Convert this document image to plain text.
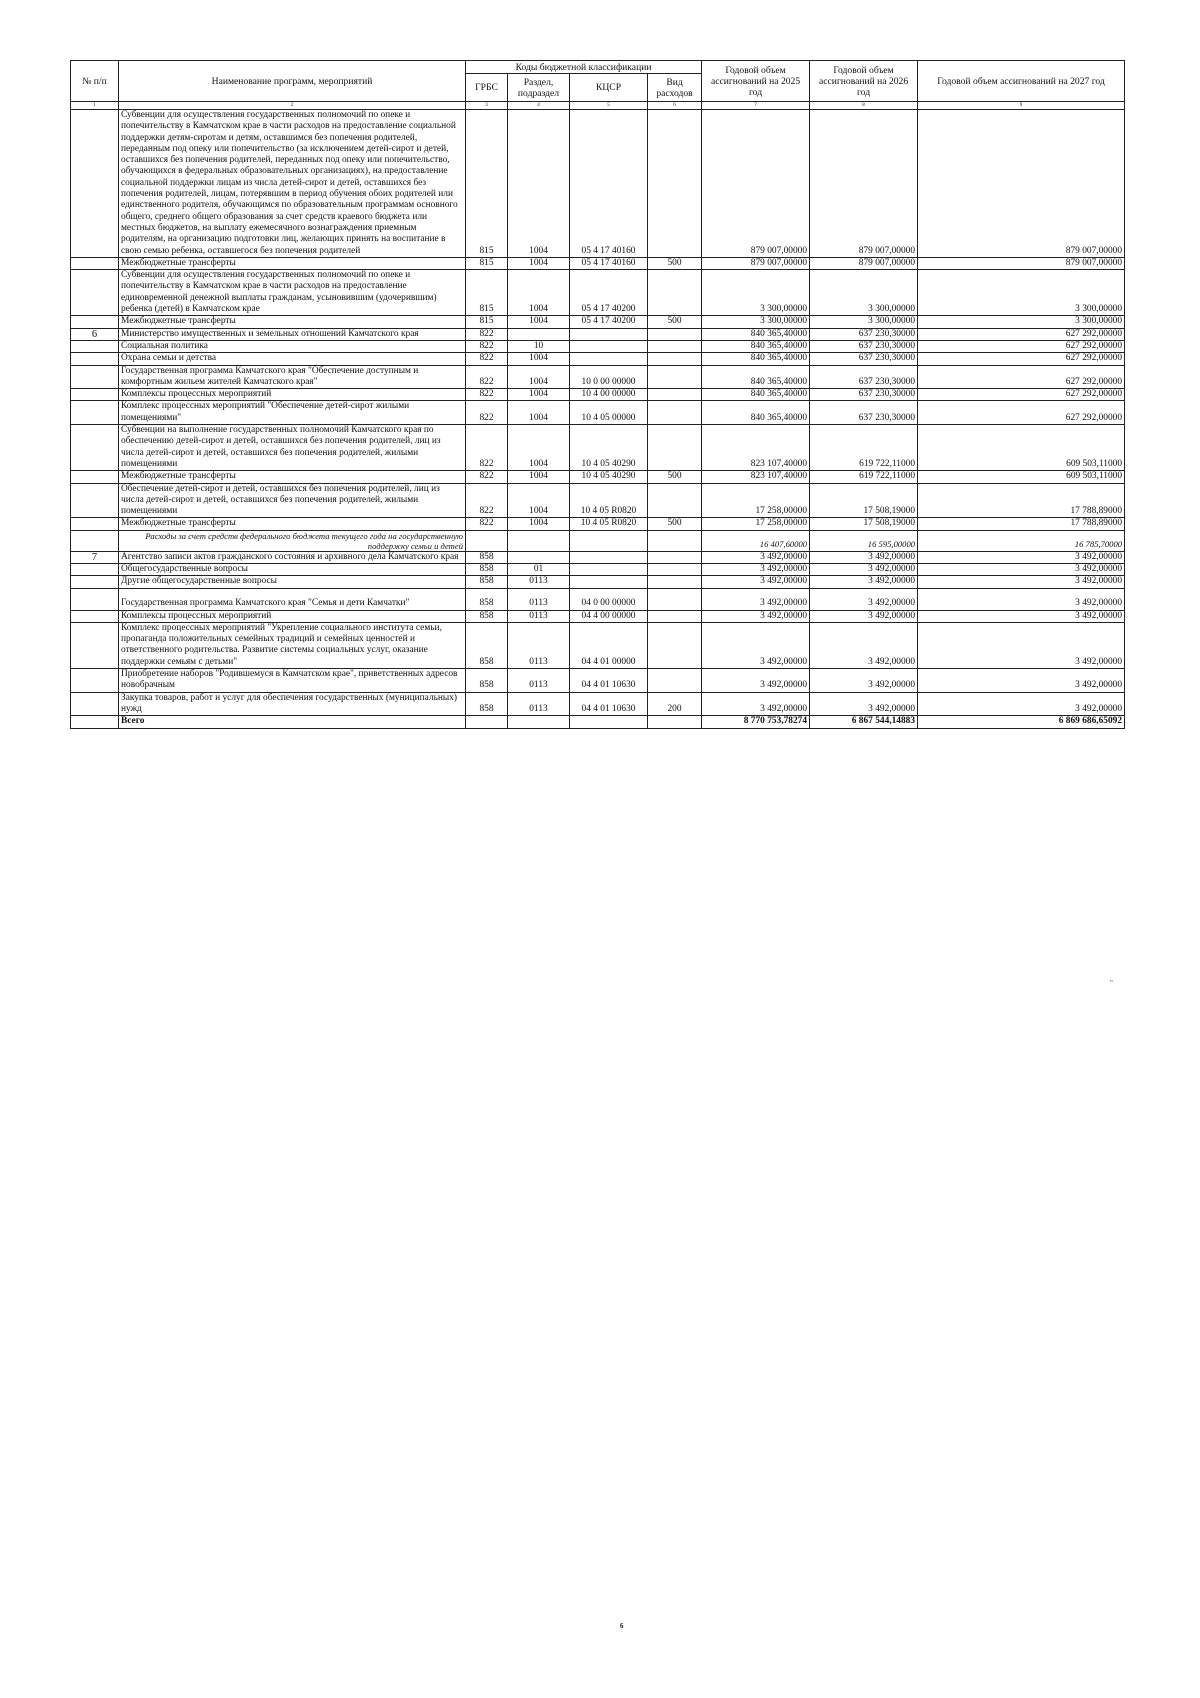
№ п/п	Наименование программ, мероприятий	Коды бюджетной классификации				Годовой объем ассигнований на 2025 год	Годовой объем ассигнований на 2026 год	Годовой объем ассигнований на 2027 год
		ГРБС	Раздел, подраздел	КЦСР	Вид расходов			
1	2	3	4	5	6	7	8	9
	Субвенции для осуществления государственных полномочий по опеке и попечительству в Камчатском крае в части расходов на предоставление социальной поддержки детям-сиротам и детям, оставшимся без попечения родителей, переданным под опеку или попечительство (за исключением детей-сирот и детей, оставшихся без попечения родителей, переданных под опеку или попечительство, обучающихся в федеральных образовательных организациях), на предоставление социальной поддержки лицам из числа детей-сирот и детей, оставшихся без попечения родителей, лицам, потерявшим в период обучения обоих родителей или единственного родителя, обучающимся по образовательным программам основного общего, среднего общего образования за счет средств краевого бюджета или местных бюджетов, на выплату ежемесячного вознаграждения приемным родителям, на организацию подготовки лиц, желающих принять на воспитание в свою семью ребенка, оставшегося без попечения родителей	815	1004	05 4 17 40160		879 007,00000	879 007,00000	879 007,00000
	Межбюджетные трансферты	815	1004	05 4 17 40160	500	879 007,00000	879 007,00000	879 007,00000
	Субвенции для осуществления государственных полномочий по опеке и попечительству в Камчатском крае в части расходов на предоставление единовременной денежной выплаты гражданам, усыновившим (удочерившим) ребенка (детей) в Камчатском крае	815	1004	05 4 17 40200		3 300,00000	3 300,00000	3 300,00000
	Межбюджетные трансферты	815	1004	05 4 17 40200	500	3 300,00000	3 300,00000	3 300,00000
6	Министерство имущественных и земельных отношений Камчатского края	822				840 365,40000	637 230,30000	627 292,00000
	Социальная политика	822	10			840 365,40000	637 230,30000	627 292,00000
	Охрана семьи и детства	822	1004			840 365,40000	637 230,30000	627 292,00000
	Государственная программа Камчатского края "Обеспечение доступным и комфортным жильем жителей Камчатского края"	822	1004	10 0 00 00000		840 365,40000	637 230,30000	627 292,00000
	Комплексы процессных мероприятий	822	1004	10 4 00 00000		840 365,40000	637 230,30000	627 292,00000
	Комплекс процессных мероприятий "Обеспечение детей-сирот жилыми помещениями"	822	1004	10 4 05 00000		840 365,40000	637 230,30000	627 292,00000
	Субвенции на выполнение государственных полномочий Камчатского края по обеспечению детей-сирот и детей, оставшихся без попечения родителей, лиц из числа детей-сирот и детей, оставшихся без попечения родителей, жилыми помещениями	822	1004	10 4 05 40290		823 107,40000	619 722,11000	609 503,11000
	Межбюджетные трансферты	822	1004	10 4 05 40290	500	823 107,40000	619 722,11000	609 503,11000
	Обеспечение детей-сирот и детей, оставшихся без попечения родителей, лиц из числа детей-сирот и детей, оставшихся без попечения родителей, жилыми помещениями	822	1004	10 4 05 R0820		17 258,00000	17 508,19000	17 788,89000
	Межбюджетные трансферты	822	1004	10 4 05 R0820	500	17 258,00000	17 508,19000	17 788,89000
	Расходы за счет средств федерального бюджета текущего года на государственную поддержку семьи и детей					16 407,60000	16 595,00000	16 785,70000
7	Агентство записи актов гражданского состояния и архивного дела Камчатского края	858				3 492,00000	3 492,00000	3 492,00000
	Общегосударственные вопросы	858	01			3 492,00000	3 492,00000	3 492,00000
	Другие общегосударственные вопросы	858	0113			3 492,00000	3 492,00000	3 492,00000
	Государственная программа Камчатского края "Семья и дети Камчатки"	858	0113	04 0 00 00000		3 492,00000	3 492,00000	3 492,00000
	Комплексы процессных мероприятий	858	0113	04 4 00 00000		3 492,00000	3 492,00000	3 492,00000
	Комплекс процессных мероприятий "Укрепление социального института семьи, пропаганда положительных семейных традиций и семейных ценностей и ответственного родительства. Развитие системы социальных услуг, оказание поддержки семьям с детьми"	858	0113	04 4 01 00000		3 492,00000	3 492,00000	3 492,00000
	Приобретение наборов "Родившемуся в Камчатском крае", приветственных адресов новобрачным	858	0113	04 4 01 10630		3 492,00000	3 492,00000	3 492,00000
	Закупка товаров, работ и услуг для обеспечения государственных (муниципальных) нужд	858	0113	04 4 01 10630	200	3 492,00000	3 492,00000	3 492,00000
	Всего					8 770 753,78274	6 867 544,14883	6 869 686,65092
"
6
